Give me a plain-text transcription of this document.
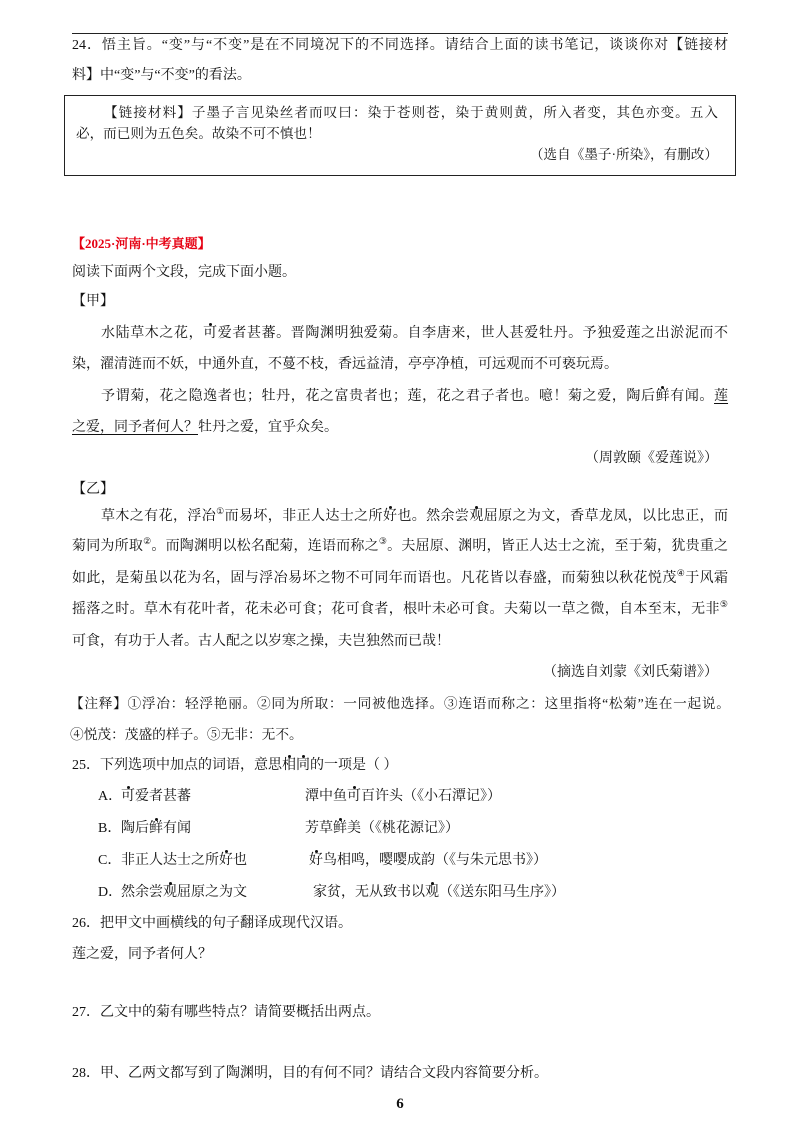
24．悟主旨。“变”与“不变”是在不同境况下的不同选择。请结合上面的读书笔记，谈谈你对【链接材
料】中“变”与“不变”的看法。
【链接材料】子墨子言见染丝者而叹曰：染于苍则苍，染于黄则黄，所入者变，其色亦变。五入
必，而已则为五色矣。故染不可不慎也！
（选自《墨子·所染》，有删改）
【2025·河南·中考真题】
阅读下面两个文段，完成下面小题。
【甲】
水陆草木之花，可爱者甚蕃。晋陶渊明独爱菊。自李唐来，世人甚爱牡丹。予独爱莲之出淤泥而不
染，濯清涟而不妖，中通外直，不蔓不枝，香远益清，亭亭净植，可远观而不可亵玩焉。
予谓菊，花之隐逸者也；牡丹，花之富贵者也；莲，花之君子者也。噫！菊之爱，陶后鲜有闻。莲
之爱，同予者何人？牡丹之爱，宜乎众矣。
（周敦颐《爱莲说》）
【乙】
草木之有花，浮冶①而易坏，非正人达士之所好也。然余尝观屈原之为文，香草龙凤，以比忠正，而
菊同为所取②。而陶渊明以松名配菊，连语而称之③。夫屈原、渊明，皆正人达士之流，至于菊，犹贵重之
如此，是菊虽以花为名，固与浮冶易坏之物不可同年而语也。凡花皆以春盛，而菊独以秋花悦茂④于风霜
摇落之时。草木有花叶者，花未必可食；花可食者，根叶未必可食。夫菊以一草之微，自本至末，无非⑤
可食，有功于人者。古人配之以岁寒之操，夫岂独然而已哉！
（摘选自刘蒙《刘氏菊谱》）
【注释】①浮冶：轻浮艳丽。②同为所取：一同被他选择。③连语而称之：这里指将“松菊”连在一起说。
④悦茂：茂盛的样子。⑤无非：无不。
25．下列选项中加点的词语，意思相同的一项是（ ）
A．
可爱者甚蕃	潭中鱼可百许头（《小石潭记》）
B． 陶后鲜有闻	芳草鲜美（《桃花源记》）
C． 非正人达士之所好也	好鸟相鸣，嘤嘤成韵（《与朱元思书》）
D．
然余尝观屈原之为文	家贫，无从致书以观（《送东阳马生序》）
26．把甲文中画横线的句子翻译成现代汉语。
莲之爱，同予者何人？
27．乙文中的菊有哪些特点？请简要概括出两点。
28．甲、乙两文都写到了陶渊明，目的有何不同？请结合文段内容简要分析。
6
